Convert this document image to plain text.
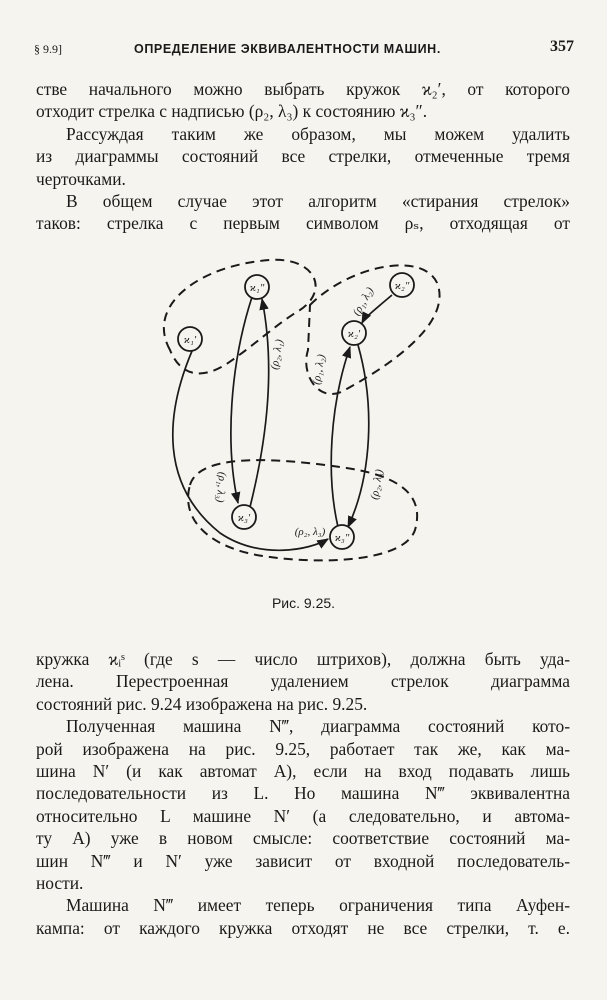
§ 9.9]	ОПРЕДЕЛЕНИЕ ЭКВИВАЛЕНТНОСТИ МАШИН.	357

стве начального можно выбрать кружок ϰ₂′, от которого
отходит стрелка с надписью (ρ₂, λ₃) к состоянию ϰ₃″.

Рассуждая таким же образом, мы можем удалить
из диаграммы состояний все стрелки, отмеченные тремя
черточками.

В общем случае этот алгоритм «стирания стрелок»
таков: стрелка с первым символом ρₛ, отходящая от

ϰ₁″
ϰ₁′
ϰ₃′
ϰ₃″
ϰ₂′
ϰ₂″
(ρ₂, λ₁)
(ρ₁, λ₃)
(ρ₂, λ₃)
(ρ₁, λ₂)
(ρ₂, λ₃)
(ρ₁, λ₂)
Рис. 9.25.

кружка ϰᵢˢ (где s — число штрихов), должна быть уда-
лена. Перестроенная удалением стрелок диаграмма
состояний рис. 9.24 изображена на рис. 9.25.

Полученная машина N‴, диаграмма состояний кото-
рой изображена на рис. 9.25, работает так же, как ма-
шина N′ (и как автомат A), если на вход подавать лишь
последовательности из L. Но машина N‴ эквивалентна
относительно L машине N′ (а следовательно, и автома-
ту A) уже в новом смысле: соответствие состояний ма-
шин N‴ и N′ уже зависит от входной последователь-
ности.

Машина N‴ имеет теперь ограничения типа Ауфен-
кампа: от каждого кружка отходят не все стрелки, т. е.
